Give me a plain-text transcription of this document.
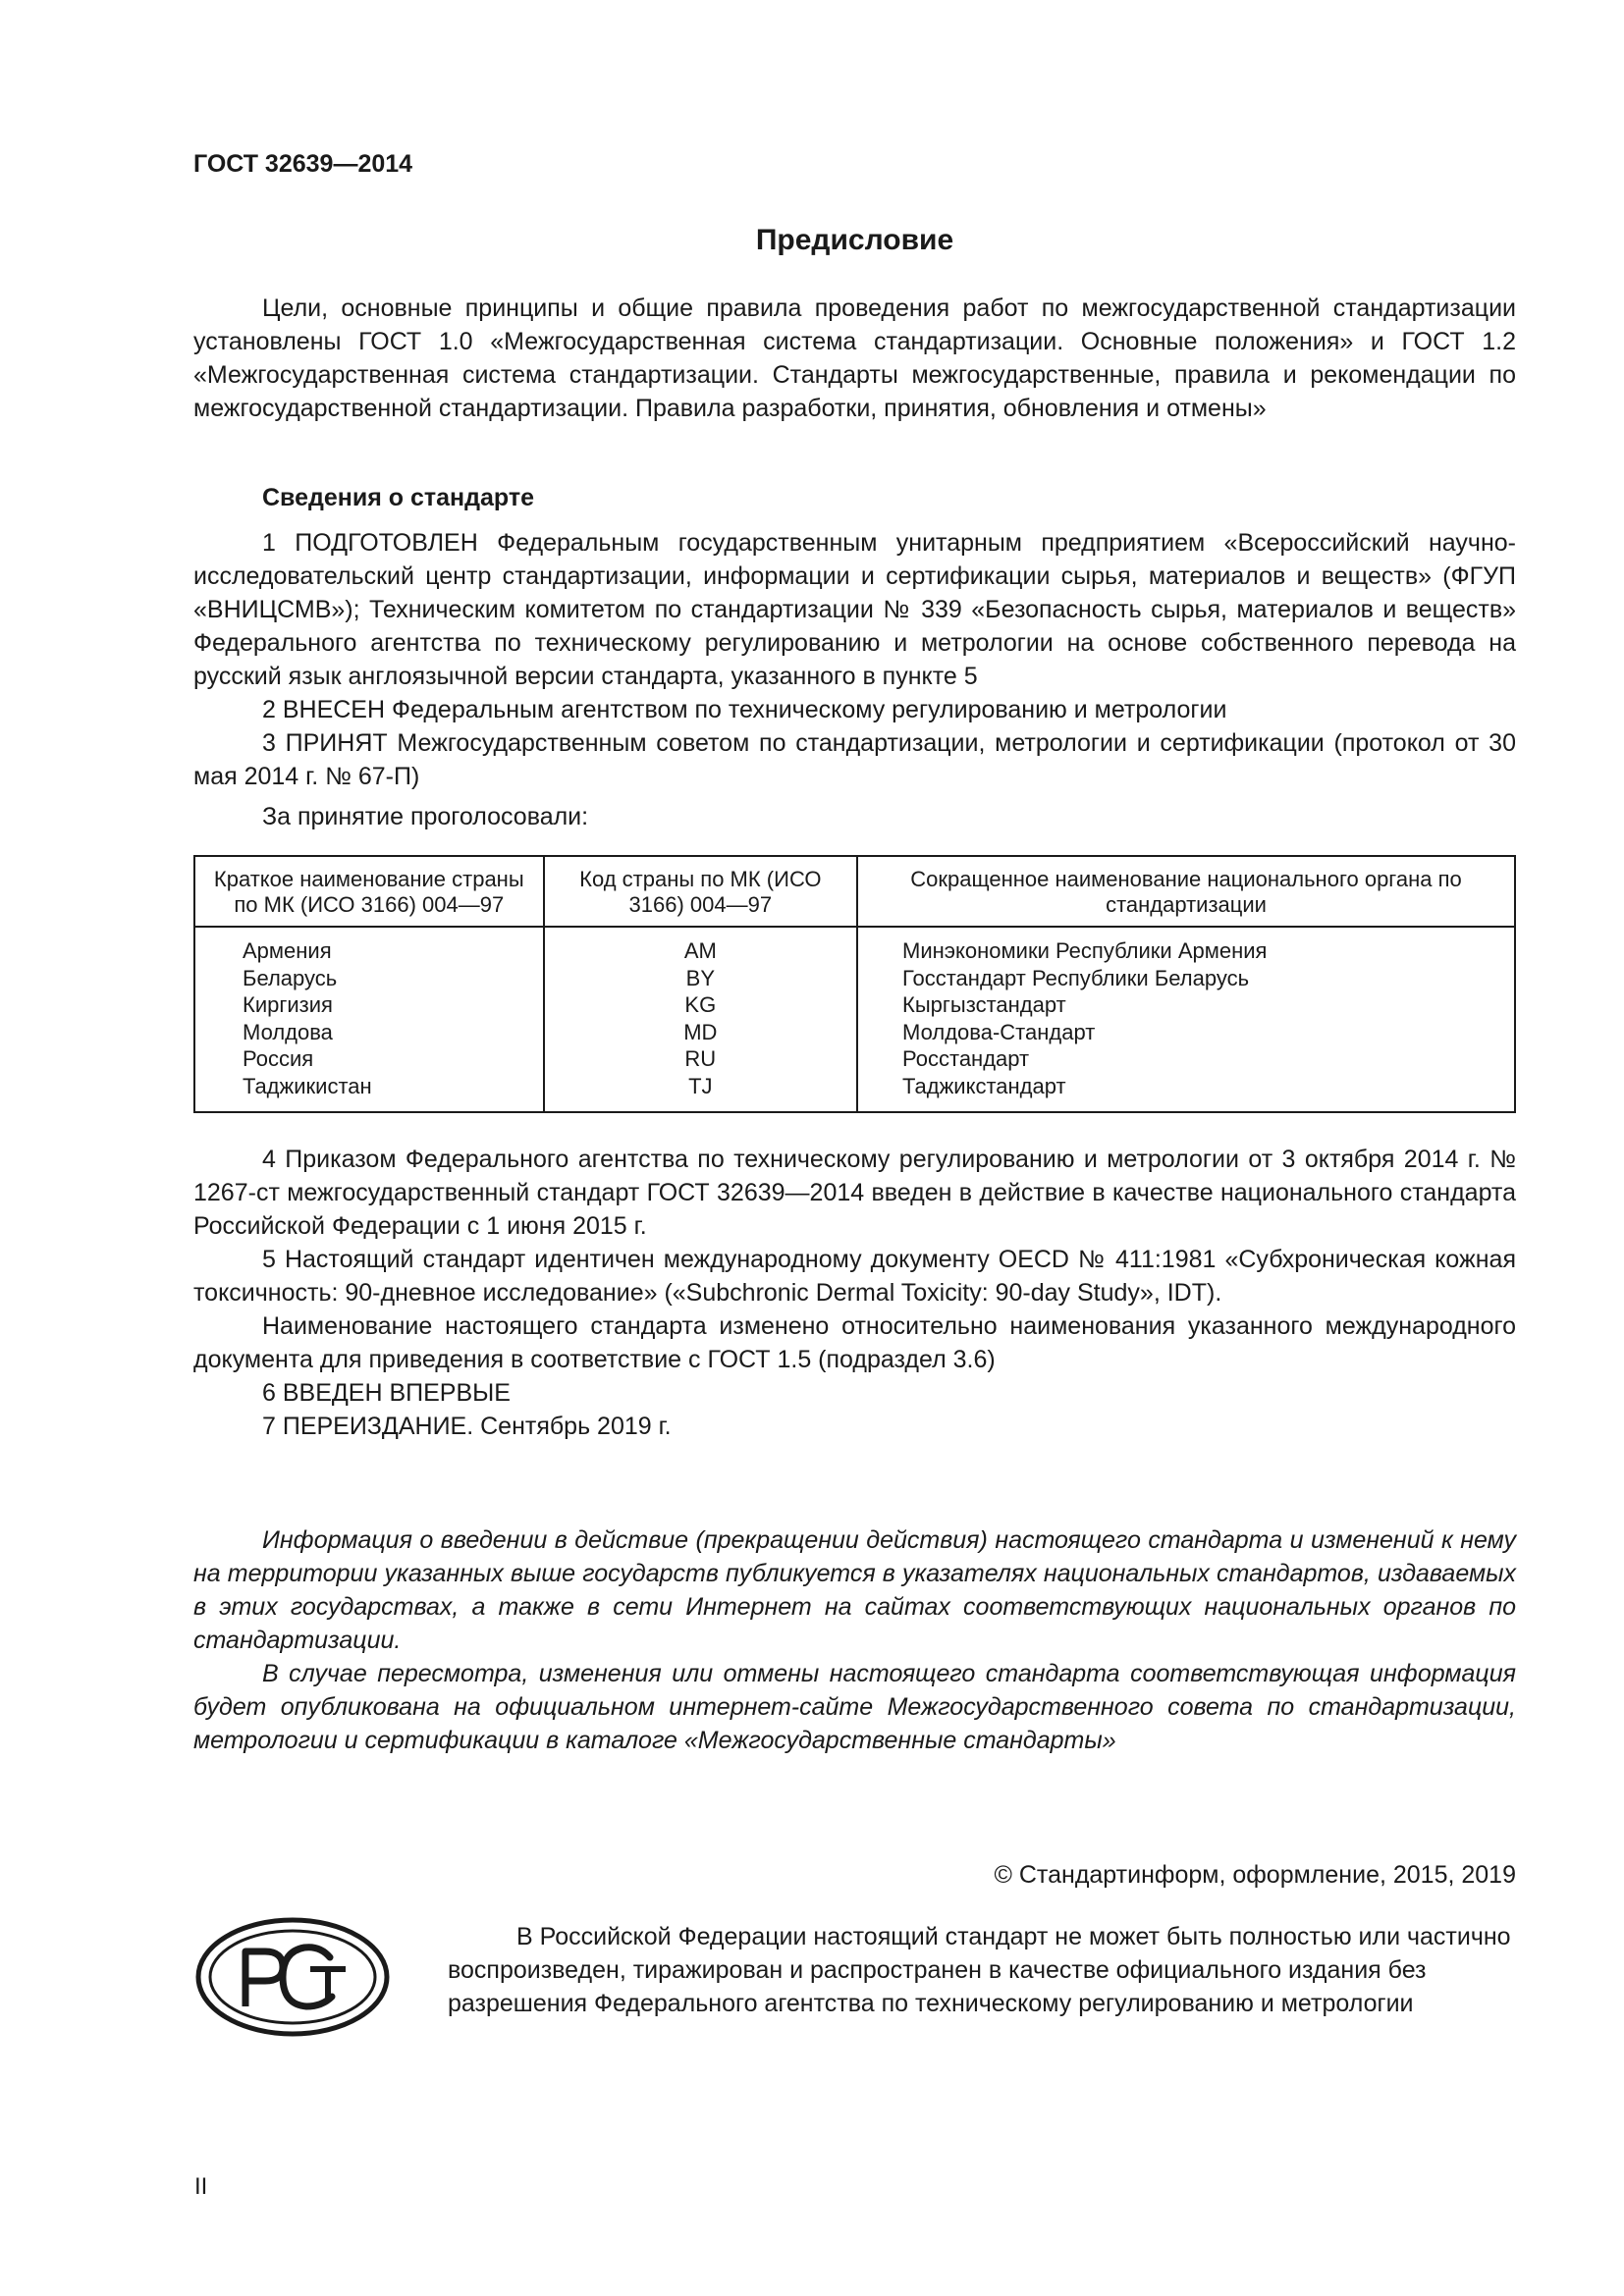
ГОСТ 32639—2014
Предисловие

Цели, основные принципы и общие правила проведения работ по межгосударственной стандартизации установлены ГОСТ 1.0 «Межгосударственная система стандартизации. Основные положения» и ГОСТ 1.2 «Межгосударственная система стандартизации. Стандарты межгосударственные, правила и рекомендации по межгосударственной стандартизации. Правила разработки, принятия, обновления и отмены»

Сведения о стандарте

1 ПОДГОТОВЛЕН Федеральным государственным унитарным предприятием «Всероссийский научно-исследовательский центр стандартизации, информации и сертификации сырья, материалов и веществ» (ФГУП «ВНИЦСМВ»); Техническим комитетом по стандартизации № 339 «Безопасность сырья, материалов и веществ» Федерального агентства по техническому регулированию и метрологии на основе собственного перевода на русский язык англоязычной версии стандарта, указанного в пункте 5

2 ВНЕСЕН Федеральным агентством по техническому регулированию и метрологии

3 ПРИНЯТ Межгосударственным советом по стандартизации, метрологии и сертификации (протокол от 30 мая 2014 г. № 67-П)

За принятие проголосовали:

Краткое наименование страны по МК (ИСО 3166) 004—97	Код страны по МК (ИСО 3166) 004—97	Сокращенное наименование национального органа по стандартизации
Армения	AM	Минэкономики Республики Армения
Беларусь	BY	Госстандарт Республики Беларусь
Киргизия	KG	Кыргызстандарт
Молдова	MD	Молдова-Стандарт
Россия	RU	Росстандарт
Таджикистан	TJ	Таджикстандарт

4 Приказом Федерального агентства по техническому регулированию и метрологии от 3 октября 2014 г. № 1267-ст межгосударственный стандарт ГОСТ 32639—2014 введен в действие в качестве национального стандарта Российской Федерации с 1 июня 2015 г.

5 Настоящий стандарт идентичен международному документу OECD № 411:1981 «Субхроническая кожная токсичность: 90-дневное исследование» («Subchronic Dermal Toxicity: 90-day Study», IDT).

Наименование настоящего стандарта изменено относительно наименования указанного международного документа для приведения в соответствие с ГОСТ 1.5 (подраздел 3.6)

6 ВВЕДЕН ВПЕРВЫЕ

7 ПЕРЕИЗДАНИЕ. Сентябрь 2019 г.

Информация о введении в действие (прекращении действия) настоящего стандарта и изменений к нему на территории указанных выше государств публикуется в указателях национальных стандартов, издаваемых в этих государствах, а также в сети Интернет на сайтах соответствующих национальных органов по стандартизации.

В случае пересмотра, изменения или отмены настоящего стандарта соответствующая информация будет опубликована на официальном интернет-сайте Межгосударственного совета по стандартизации, метрологии и сертификации в каталоге «Межгосударственные стандарты»

© Стандартинформ, оформление, 2015, 2019

В Российской Федерации настоящий стандарт не может быть полностью или частично воспроизведен, тиражирован и распространен в качестве официального издания без разрешения Федерального агентства по техническому регулированию и метрологии

II
